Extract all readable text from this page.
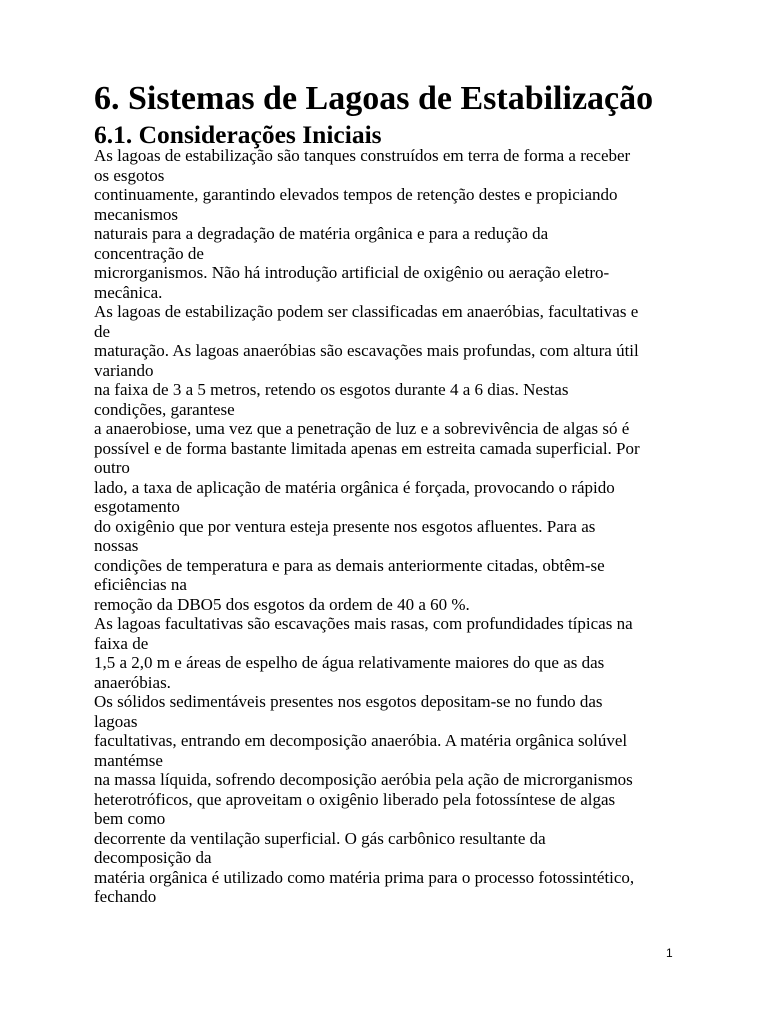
6. Sistemas de Lagoas de Estabilização
6.1. Considerações Iniciais
As lagoas de estabilização são tanques construídos em terra de forma a receber
os esgotos
continuamente, garantindo elevados tempos de retenção destes e propiciando
mecanismos
naturais para a degradação de matéria orgânica e para a redução da
concentração de
microrganismos. Não há introdução artificial de oxigênio ou aeração eletro-
mecânica.
As lagoas de estabilização podem ser classificadas em anaeróbias, facultativas e
de
maturação. As lagoas anaeróbias são escavações mais profundas, com altura útil
variando
na faixa de 3 a 5 metros, retendo os esgotos durante 4 a 6 dias. Nestas
condições, garantese
a anaerobiose, uma vez que a penetração de luz e a sobrevivência de algas só é
possível e de forma bastante limitada apenas em estreita camada superficial. Por
outro
lado, a taxa de aplicação de matéria orgânica é forçada, provocando o rápido
esgotamento
do oxigênio que por ventura esteja presente nos esgotos afluentes. Para as
nossas
condições de temperatura e para as demais anteriormente citadas, obtêm-se
eficiências na
remoção da DBO5 dos esgotos da ordem de 40 a 60 %.
As lagoas facultativas são escavações mais rasas, com profundidades típicas na
faixa de
1,5 a 2,0 m e áreas de espelho de água relativamente maiores do que as das
anaeróbias.
Os sólidos sedimentáveis presentes nos esgotos depositam-se no fundo das
lagoas
facultativas, entrando em decomposição anaeróbia. A matéria orgânica solúvel
mantémse
na massa líquida, sofrendo decomposição aeróbia pela ação de microrganismos
heterotróficos, que aproveitam o oxigênio liberado pela fotossíntese de algas
bem como
decorrente da ventilação superficial. O gás carbônico resultante da
decomposição da
matéria orgânica é utilizado como matéria prima para o processo fotossintético,
fechando
1
